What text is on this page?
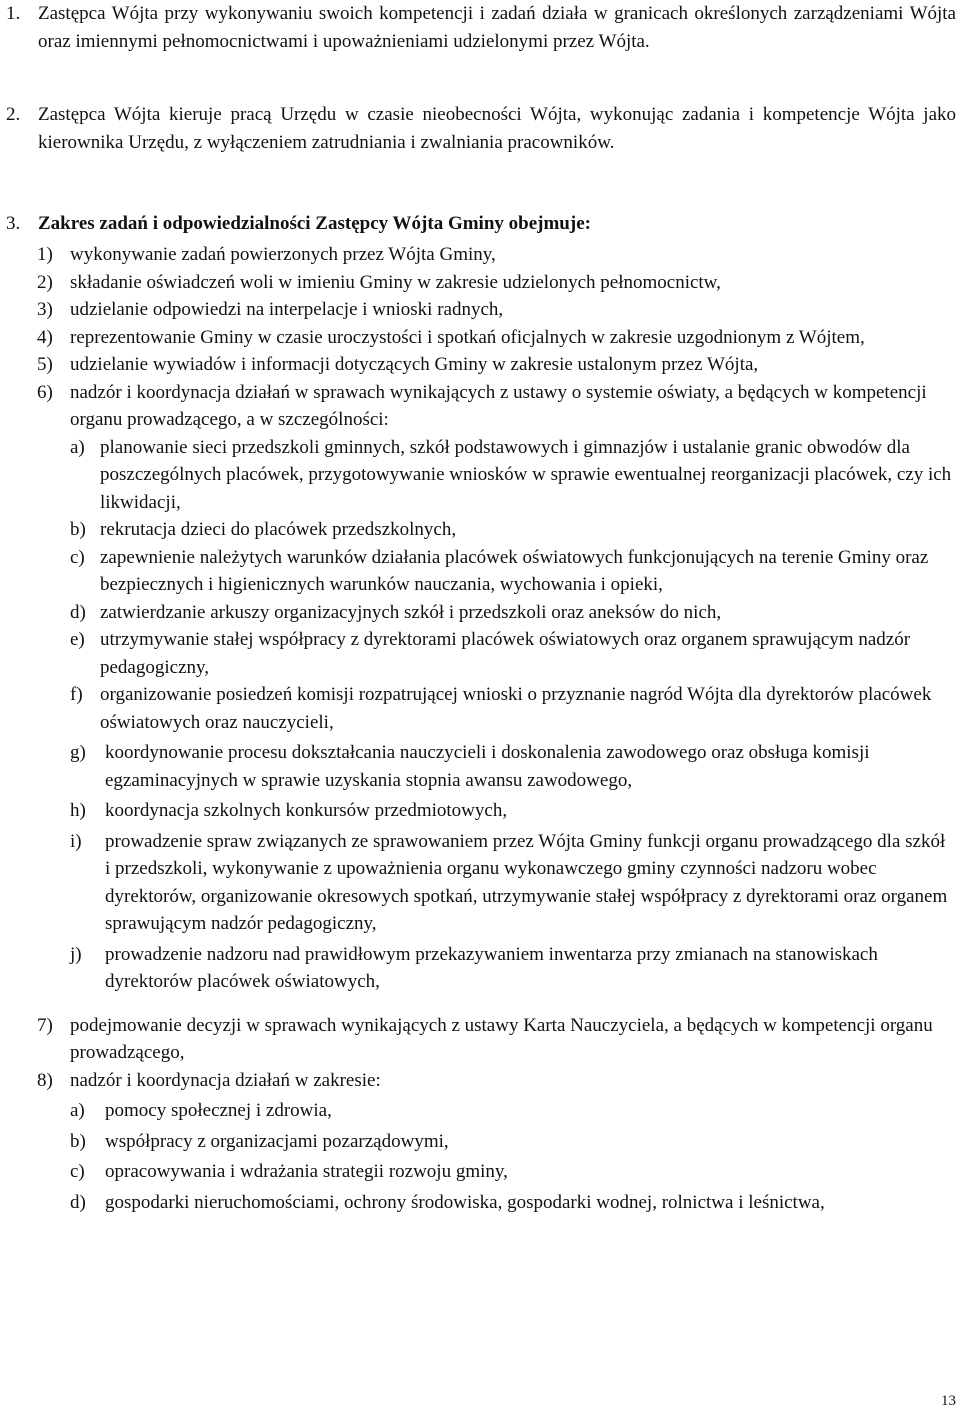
1. Zastępca Wójta przy wykonywaniu swoich kompetencji i zadań działa w granicach określonych zarządzeniami Wójta oraz imiennymi pełnomocnictwami i upoważnieniami udzielonymi przez Wójta.
2. Zastępca Wójta kieruje pracą Urzędu w czasie nieobecności Wójta, wykonując zadania i kompetencje Wójta jako kierownika Urzędu, z wyłączeniem zatrudniania i zwalniania pracowników.
3. Zakres zadań i odpowiedzialności Zastępcy Wójta Gminy obejmuje:
1) wykonywanie zadań powierzonych przez Wójta Gminy,
2) składanie oświadczeń woli w imieniu Gminy w zakresie udzielonych pełnomocnictw,
3) udzielanie odpowiedzi na interpelacje i wnioski radnych,
4) reprezentowanie Gminy w czasie uroczystości i spotkań oficjalnych w zakresie uzgodnionym z Wójtem,
5) udzielanie wywiadów i informacji dotyczących Gminy w zakresie ustalonym przez Wójta,
6) nadzór i koordynacja działań w sprawach wynikających z ustawy o systemie oświaty, a będących w kompetencji organu prowadzącego, a w szczególności:
a) planowanie sieci przedszkoli gminnych, szkół podstawowych i gimnazjów i ustalanie granic obwodów dla poszczególnych placówek, przygotowywanie wniosków w sprawie ewentualnej reorganizacji placówek, czy ich likwidacji,
b) rekrutacja dzieci do placówek przedszkolnych,
c) zapewnienie należytych warunków działania placówek oświatowych funkcjonujących na terenie Gminy oraz bezpiecznych i higienicznych warunków nauczania, wychowania i opieki,
d) zatwierdzanie arkuszy organizacyjnych szkół i przedszkoli oraz aneksów do nich,
e) utrzymywanie stałej współpracy z dyrektorami placówek oświatowych oraz organem sprawującym nadzór pedagogiczny,
f) organizowanie posiedzeń komisji rozpatrującej wnioski o przyznanie nagród Wójta dla dyrektorów placówek oświatowych oraz nauczycieli,
g) koordynowanie procesu dokształcania nauczycieli i doskonalenia zawodowego oraz obsługa komisji egzaminacyjnych w sprawie uzyskania stopnia awansu zawodowego,
h) koordynacja szkolnych konkursów przedmiotowych,
i) prowadzenie spraw związanych ze sprawowaniem przez Wójta Gminy funkcji organu prowadzącego dla szkół i przedszkoli, wykonywanie z upoważnienia organu wykonawczego gminy czynności nadzoru wobec dyrektorów, organizowanie okresowych spotkań, utrzymywanie stałej współpracy z dyrektorami oraz organem sprawującym nadzór pedagogiczny,
j) prowadzenie nadzoru nad prawidłowym przekazywaniem inwentarza przy zmianach na stanowiskach dyrektorów placówek oświatowych,
7) podejmowanie decyzji w sprawach wynikających z ustawy Karta Nauczyciela, a będących w kompetencji organu prowadzącego,
8) nadzór i koordynacja działań w zakresie:
a) pomocy społecznej i zdrowia,
b) współpracy z organizacjami pozarządowymi,
c) opracowywania i wdrażania strategii rozwoju gminy,
d) gospodarki nieruchomościami, ochrony środowiska, gospodarki wodnej, rolnictwa i leśnictwa,
13
